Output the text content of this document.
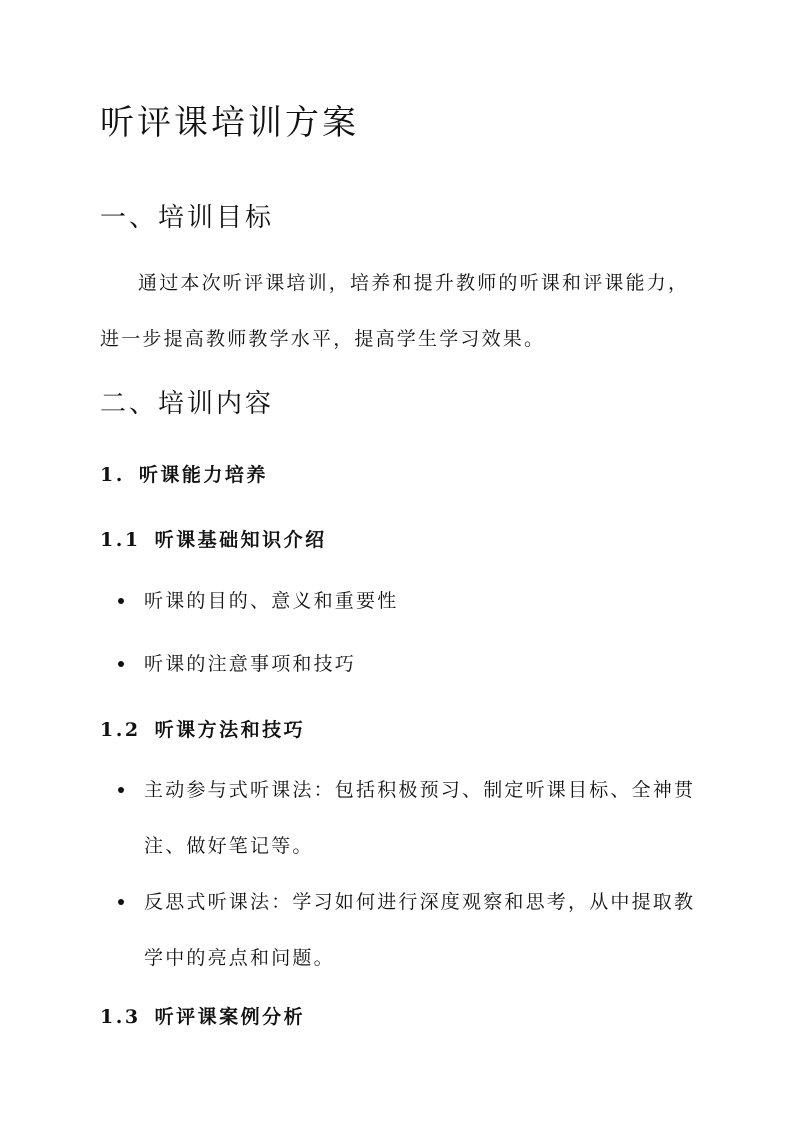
听评课培训方案
一、培训目标

通过本次听评课培训，培养和提升教师的听课和评课能力，进一步提高教师教学水平，提高学生学习效果。

二、培训内容
1. 听课能力培养
1.1 听课基础知识介绍
听课的目的、意义和重要性
听课的注意事项和技巧
1.2 听课方法和技巧
主动参与式听课法：包括积极预习、制定听课目标、全神贯注、做好笔记等。
反思式听课法：学习如何进行深度观察和思考，从中提取教学中的亮点和问题。
1.3 听评课案例分析
